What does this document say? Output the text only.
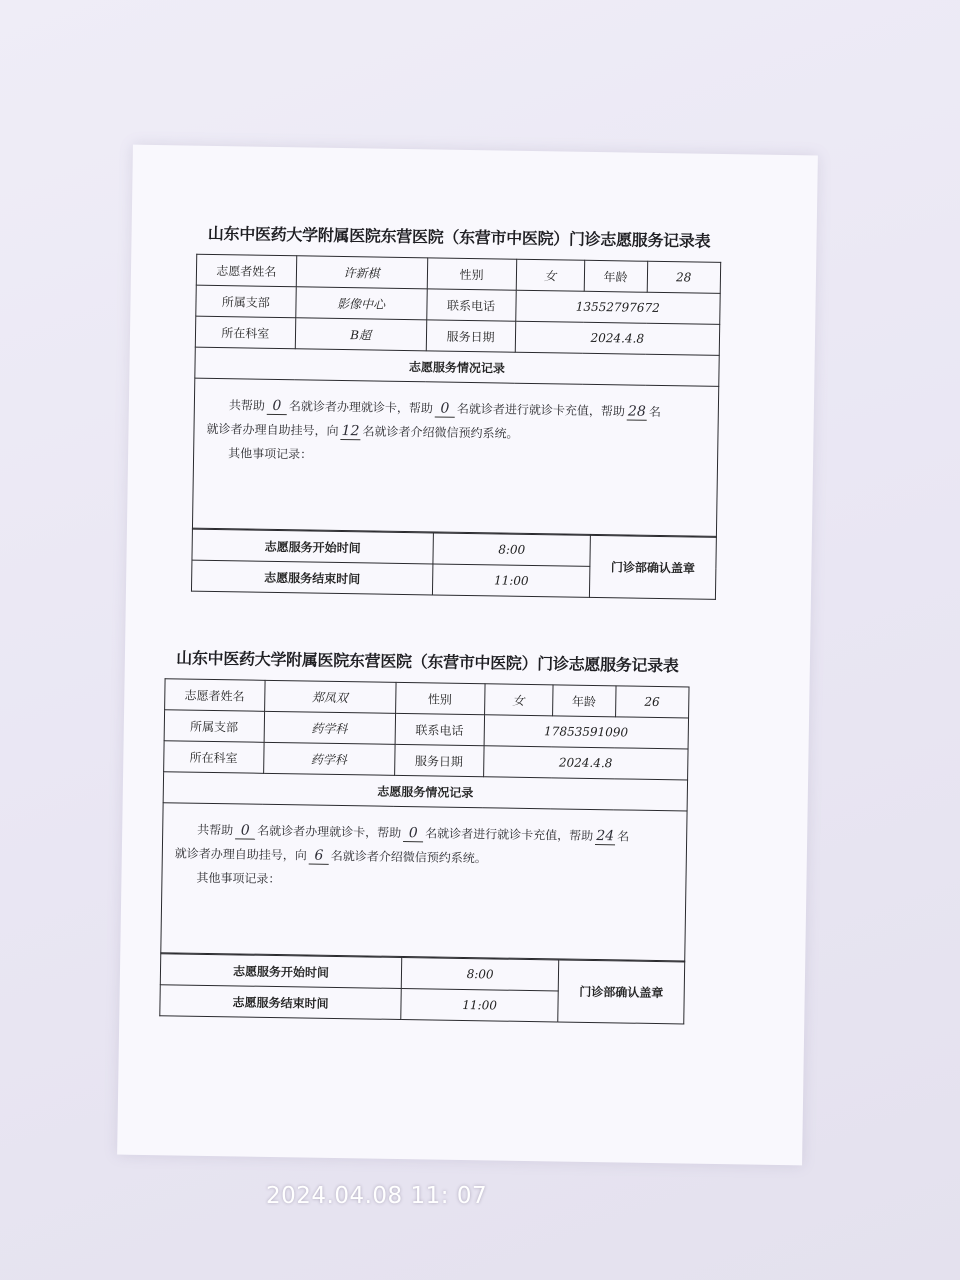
山东中医药大学附属医院东营医院（东营市中医院）门诊志愿服务记录表
志愿者姓名	许新棋	性别	女	年龄	28
所属支部	影像中心	联系电话	13552797672		
所在科室	B超	服务日期	2024.4.8		
志愿服务情况记录					

共帮助 0 名就诊者办理就诊卡，帮助 0 名就诊者进行就诊卡充值，帮助 28 名

就诊者办理自助挂号，向 12 名就诊者介绍微信预约系统。

其他事项记录：

志愿服务开始时间	8:00	门诊部确认盖章
志愿服务结束时间	11:00	
山东中医药大学附属医院东营医院（东营市中医院）门诊志愿服务记录表
志愿者姓名	郑凤双	性别	女	年龄	26
所属支部	药学科	联系电话	17853591090		
所在科室	药学科	服务日期	2024.4.8		
志愿服务情况记录					

共帮助 0 名就诊者办理就诊卡，帮助 0 名就诊者进行就诊卡充值，帮助 24 名

就诊者办理自助挂号，向 6 名就诊者介绍微信预约系统。

其他事项记录：

志愿服务开始时间	8:00	门诊部确认盖章
志愿服务结束时间	11:00	
2024.04.08 11: 07
